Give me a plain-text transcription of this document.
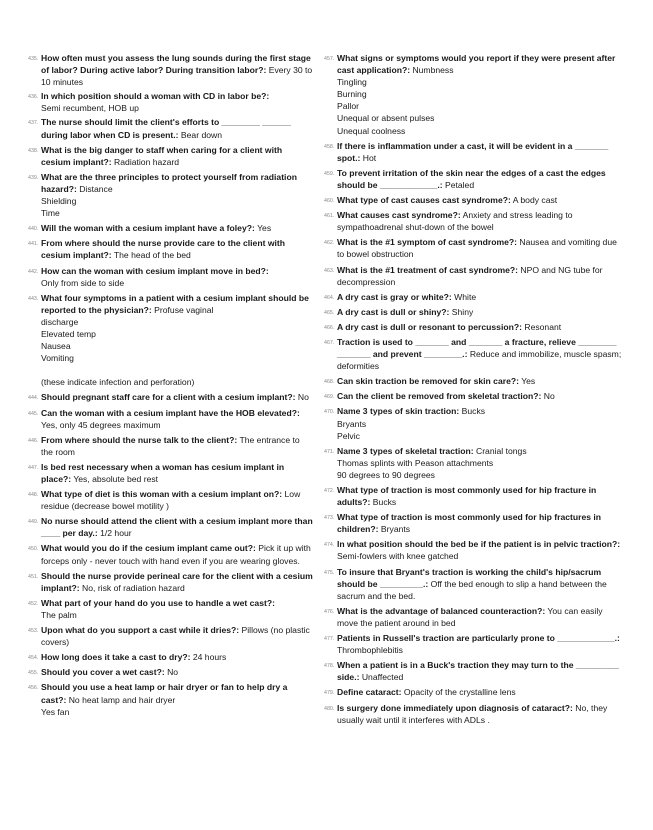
435. How often must you assess the lung sounds during the first stage of labor? During active labor? During transition labor?: Every 30 to 10 minutes
436. In which position should a woman with CD in labor be?:
Semi recumbent, HOB up
437. The nurse should limit the client's efforts to ________ ______ during labor when CD is present.: Bear down
438. What is the big danger to staff when caring for a client with cesium implant?: Radiation hazard
439. What are the three principles to protect yourself from radiation hazard?: Distance
Shielding
Time
440. Will the woman with a cesium implant have a foley?: Yes
441. From where should the nurse provide care to the client with cesium implant?: The head of the bed
442. How can the woman with cesium implant move in bed?:
Only from side to side
443. What four symptoms in a patient with a cesium implant should be reported to the physician?: Profuse vaginal
discharge
Elevated temp
Nausea
Vomiting

(these indicate infection and perforation)
444. Should pregnant staff care for a client with a cesium implant?: No
445. Can the woman with a cesium implant have the HOB elevated?: Yes, only 45 degrees maximum
446. From where should the nurse talk to the client?: The entrance to the room
447. Is bed rest necessary when a woman has cesium implant in place?: Yes, absolute bed rest
448. What type of diet is this woman with a cesium implant on?: Low residue (decrease bowel motility )
449. No nurse should attend the client with a cesium implant more than ____ per day.: 1/2 hour
450. What would you do if the cesium implant came out?: Pick it up with forceps only - never touch with hand even if you are wearing gloves.
451. Should the nurse provide perineal care for the client with a cesium implant?: No, risk of radiation hazard
452. What part of your hand do you use to handle a wet cast?:
The palm
453. Upon what do you support a cast while it dries?: Pillows (no plastic covers)
454. How long does it take a cast to dry?: 24 hours
455. Should you cover a wet cast?: No
456. Should you use a heat lamp or hair dryer or fan to help dry a cast?: No heat lamp and hair dryer
Yes fan
457. What signs or symptoms would you report if they were present after cast application?: Numbness
Tingling
Burning
Pallor
Unequal or absent pulses
Unequal coolness
458. If there is inflammation under a cast, it will be evident in a _______ spot.: Hot
459. To prevent irritation of the skin near the edges of a cast the edges should be ____________.: Petaled
460. What type of cast causes cast syndrome?: A body cast
461. What causes cast syndrome?: Anxiety and stress leading to sympathoadrenal shut-down of the bowel
462. What is the #1 symptom of cast syndrome?: Nausea and vomiting due to bowel obstruction
463. What is the #1 treatment of cast syndrome?: NPO and NG tube for decompression
464. A dry cast is gray or white?: White
465. A dry cast is dull or shiny?: Shiny
466. A dry cast is dull or resonant to percussion?: Resonant
467. Traction is used to _______ and _______ a fracture, relieve ________ _______ and prevent ________.: Reduce and immobilize, muscle spasm; deformities
468. Can skin traction be removed for skin care?: Yes
469. Can the client be removed from skeletal traction?: No
470. Name 3 types of skin traction: Bucks
Bryants
Pelvic
471. Name 3 types of skeletal traction: Cranial tongs
Thomas splints with Peason attachments
90 degrees to 90 degrees
472. What type of traction is most commonly used for hip fracture in adults?: Bucks
473. What type of traction is most commonly used for hip fractures in children?: Bryants
474. In what position should the bed be if the patient is in pelvic traction?: Semi-fowlers with knee gatched
475. To insure that Bryant's traction is working the child's hip/sacrum should be _________.: Off the bed enough to slip a hand between the sacrum and the bed.
476. What is the advantage of balanced counteraction?: You can easily move the patient around in bed
477. Patients in Russell's traction are particularly prone to ____________.: Thrombophlebitis
478. When a patient is in a Buck's traction they may turn to the _________ side.: Unaffected
479. Define cataract: Opacity of the crystalline lens
480. Is surgery done immediately upon diagnosis of cataract?: No, they usually wait until it interferes with ADLs .
